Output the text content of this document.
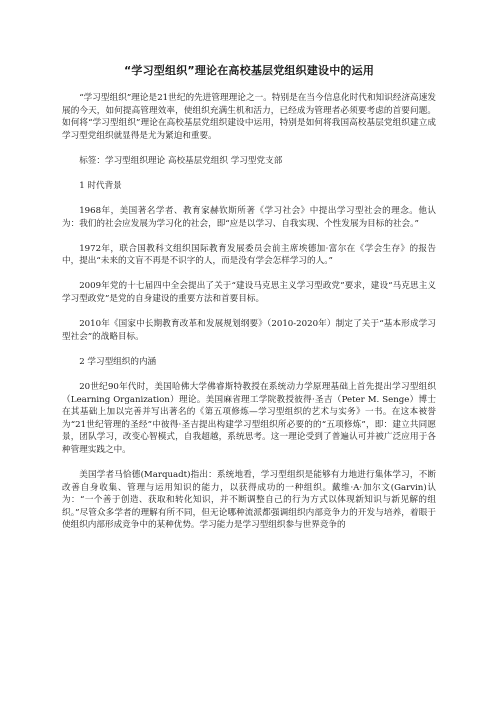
“学习型组织”理论在高校基层党组织建设中的运用

“学习型组织”理论是21世纪的先进管理理论之一。特别是在当今信息化时代和知识经济高速发展的今天，如何提高管理效率，使组织充满生机和活力，已经成为管理者必须要考虑的首要问题。如何将“学习型组织”理论在高校基层党组织建设中运用，特别是如何将我国高校基层党组织建立成学习型党组织就显得是尤为紧迫和重要。

标签：学习型组织理论 高校基层党组织 学习型党支部

1 时代背景

1968年，美国著名学者、教育家赫钦斯所著《学习社会》中提出学习型社会的理念。他认为：我们的社会应发展为学习化的社会，即“应是以学习、自我实现、个性发展为目标的社会。”

1972年，联合国教科文组织国际教育发展委员会前主席埃德加·富尔在《学会生存》的报告中，提出“未来的文盲不再是不识字的人，而是没有学会怎样学习的人。”

2009年党的十七届四中全会提出了关于“建设马克思主义学习型政党”要求，建设“马克思主义学习型政党”是党的自身建设的重要方法和首要目标。

2010年《国家中长期教育改革和发展规划纲要》（2010-2020年）制定了关于“基本形成学习型社会”的战略目标。

2 学习型组织的内涵

20世纪90年代时，美国哈佛大学佛睿斯特教授在系统动力学原理基础上首先提出学习型组织（Learning Organization）理论。美国麻省理工学院教授彼得·圣吉（Peter M. Senge）博士在其基础上加以完善并写出著名的《第五项修炼—学习型组织的艺术与实务》一书。在这本被誉为“21世纪管理的圣经”中彼得·圣吉提出构建学习型组织所必要的的“五项修炼”，即：建立共同愿景，团队学习，改变心智模式，自我超越，系统思考。这一理论受到了普遍认可并被广泛应用于各种管理实践之中。

美国学者马恰德(Marquadt)指出：系统地看，学习型组织是能够有力地进行集体学习，不断改善自身收集、管理与运用知识的能力，以获得成功的一种组织。戴维·A·加尔文(Garvin)认为：“一个善于创造、获取和转化知识，并不断调整自己的行为方式以体现新知识与新见解的组织。”尽管众多学者的理解有所不同，但无论哪种流派都强调组织内部竞争力的开发与培养，着眼于使组织内部形成竞争中的某种优势。学习能力是学习型组织参与世界竞争的
